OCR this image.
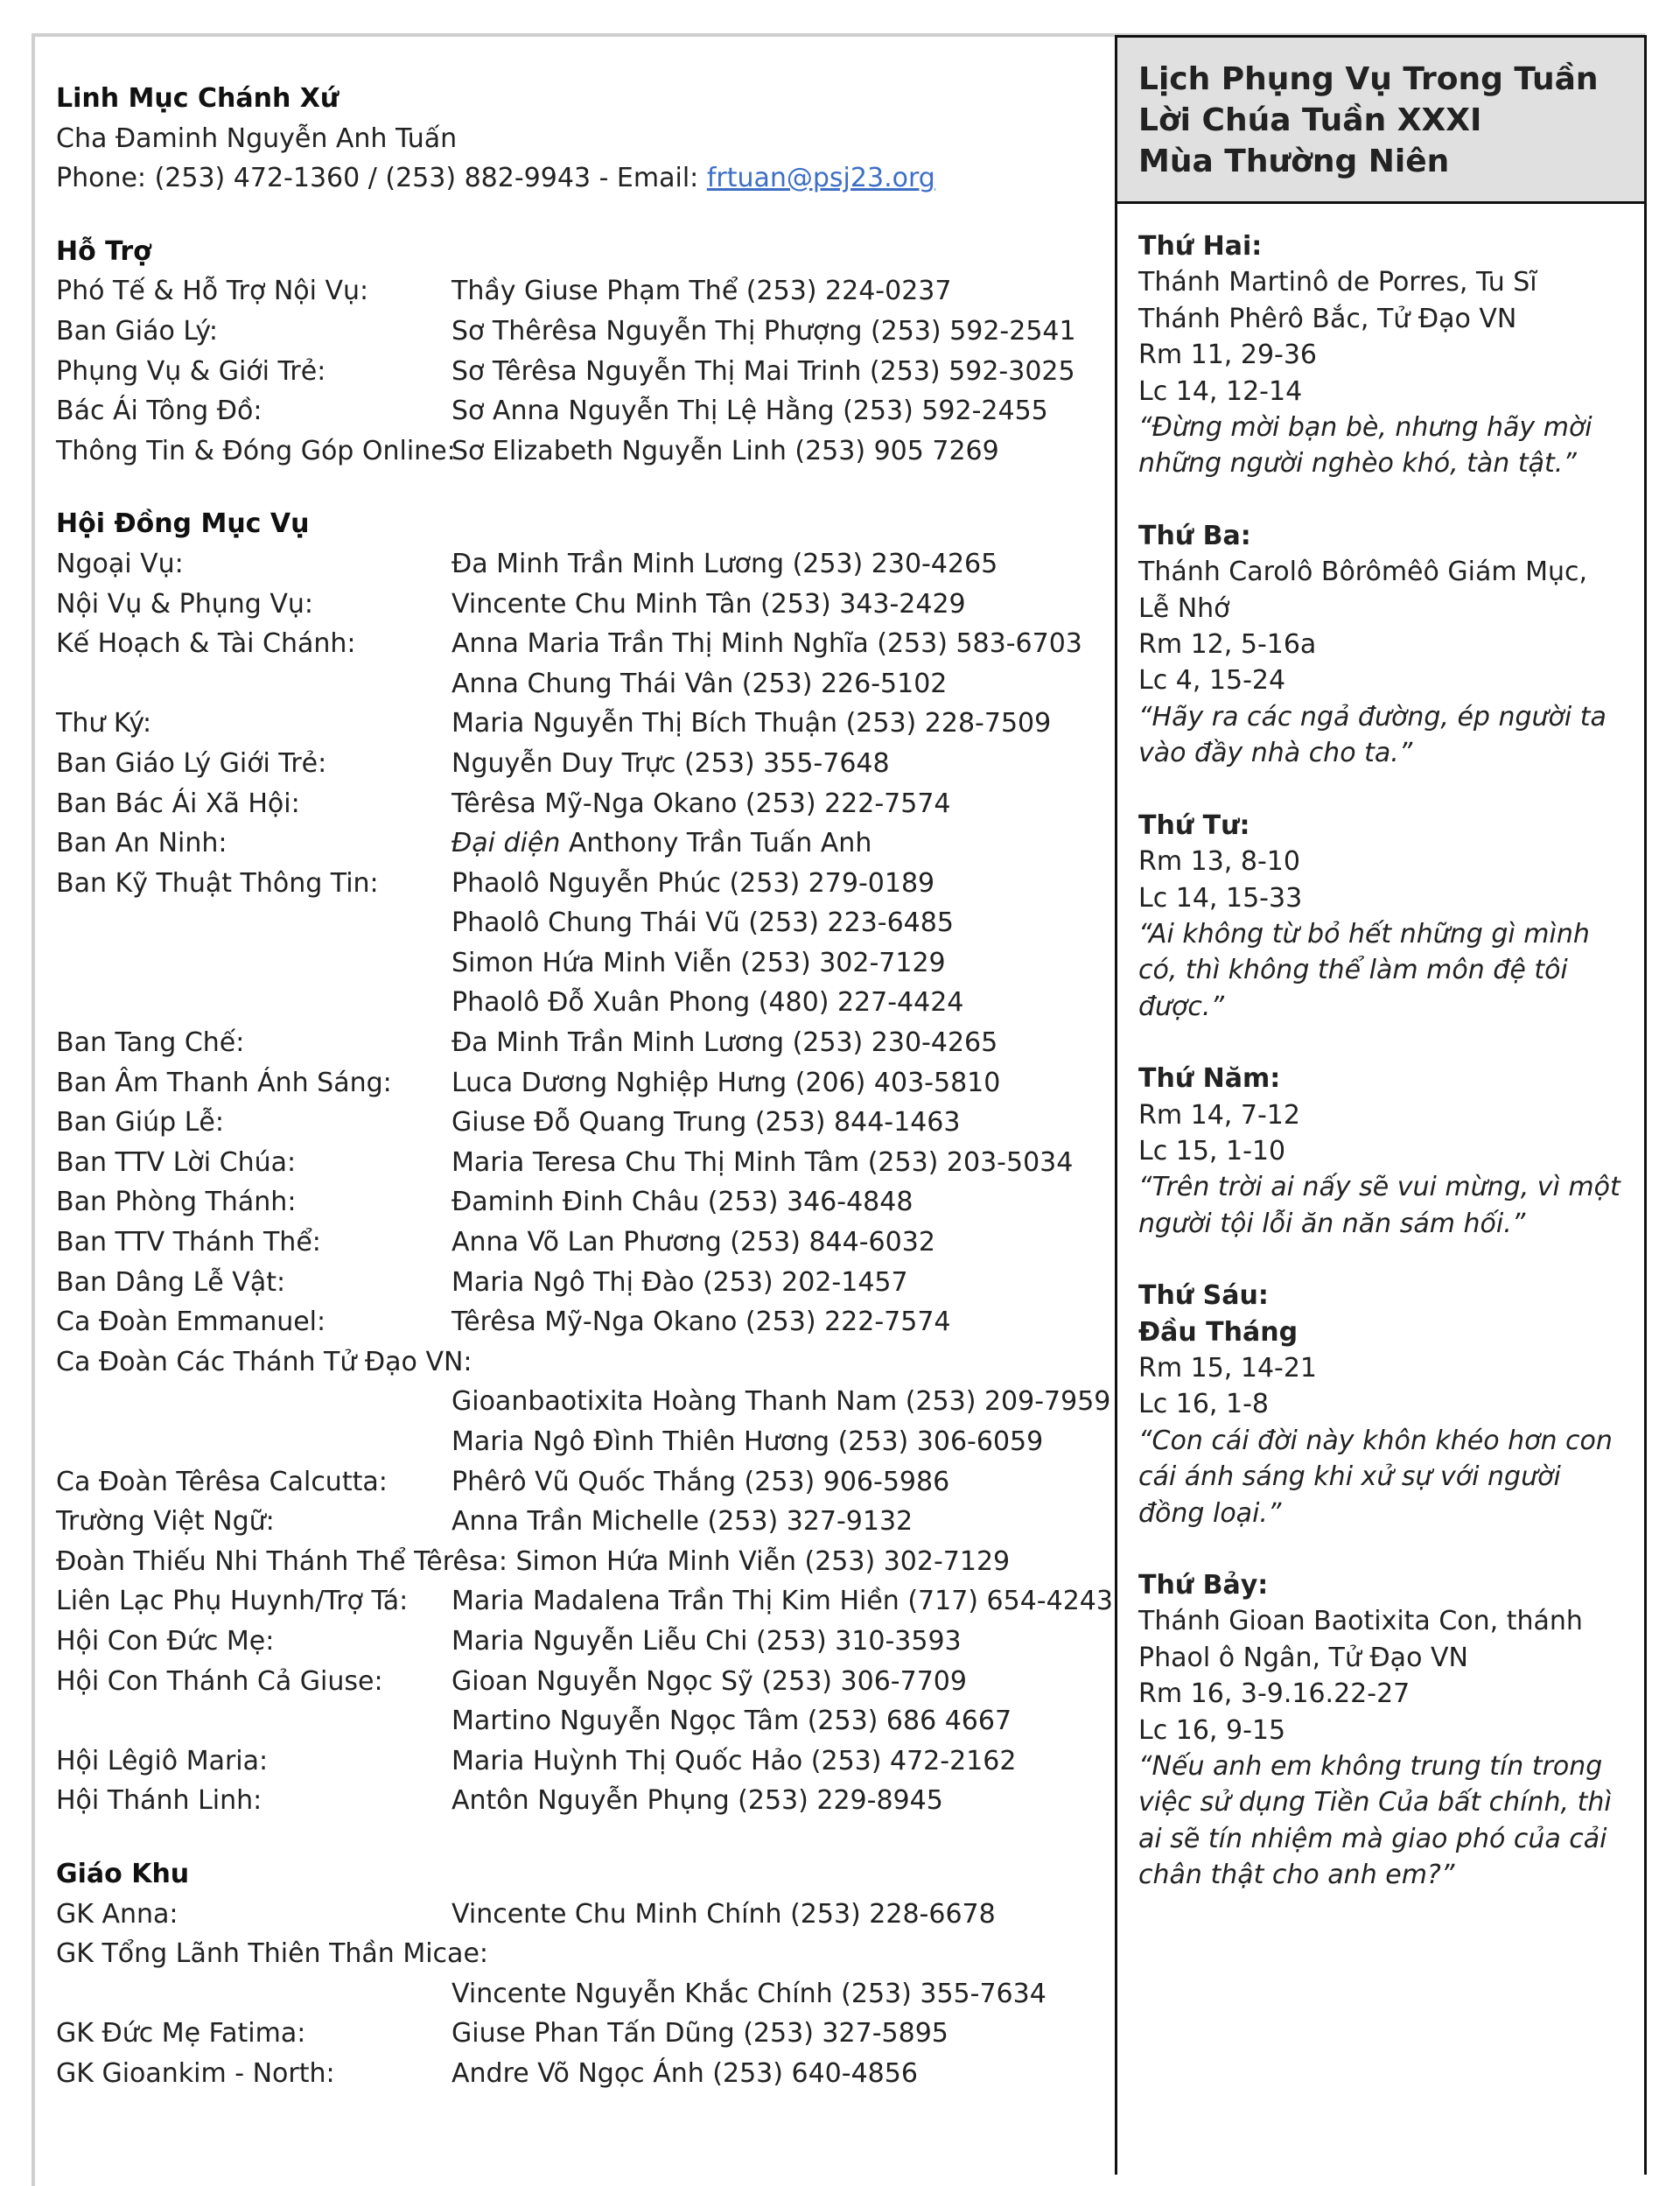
Linh Mục Chánh Xứ
Cha Đaminh Nguyễn Anh Tuấn
Phone: (253) 472-1360 / (253) 882-9943 - Email: frtuan@psj23.org
Hỗ Trợ
Phó Tế & Hỗ Trợ Nội Vụ:	Thầy Giuse Phạm Thể (253) 224-0237
Ban Giáo Lý:	Sơ Thêrêsa Nguyễn Thị Phượng (253) 592-2541
Phụng Vụ & Giới Trẻ:	Sơ Têrêsa Nguyễn Thị Mai Trinh (253) 592-3025
Bác Ái Tông Đồ:	Sơ Anna Nguyễn Thị Lệ Hằng (253) 592-2455
Thông Tin & Đóng Góp Online:
Sơ Elizabeth Nguyễn Linh (253) 905 7269
Hội Đồng Mục Vụ
Ngoại Vụ:	Đa Minh Trần Minh Lương (253) 230-4265
Nội Vụ & Phụng Vụ:	Vincente Chu Minh Tân (253) 343-2429
Kế Hoạch & Tài Chánh:	Anna Maria Trần Thị Minh Nghĩa (253) 583-6703
Anna Chung Thái Vân (253) 226-5102
Thư Ký:	Maria Nguyễn Thị Bích Thuận (253) 228-7509
Ban Giáo Lý Giới Trẻ:	Nguyễn Duy Trực (253) 355-7648
Ban Bác Ái Xã Hội:	Têrêsa Mỹ-Nga Okano (253) 222-7574
Ban An Ninh:	Đại diện Anthony Trần Tuấn Anh
Ban Kỹ Thuật Thông Tin:	Phaolô Nguyễn Phúc (253) 279-0189
Phaolô Chung Thái Vũ (253) 223-6485
Simon Hứa Minh Viễn (253) 302-7129
Phaolô Đỗ Xuân Phong (480) 227-4424
Ban Tang Chế:	Đa Minh Trần Minh Lương (253) 230-4265
Ban Âm Thanh Ánh Sáng:	Luca Dương Nghiệp Hưng (206) 403-5810
Ban Giúp Lễ:	Giuse Đỗ Quang Trung (253) 844-1463
Ban TTV Lời Chúa:	Maria Teresa Chu Thị Minh Tâm (253) 203-5034
Ban Phòng Thánh:	Đaminh Đinh Châu (253) 346-4848
Ban TTV Thánh Thể:	Anna Võ Lan Phương (253) 844-6032
Ban Dâng Lễ Vật:	Maria Ngô Thị Đào (253) 202-1457
Ca Đoàn Emmanuel:	Têrêsa Mỹ-Nga Okano (253) 222-7574
Ca Đoàn Các Thánh Tử Đạo VN:
Gioanbaotixita Hoàng Thanh Nam (253) 209-7959
Maria Ngô Đình Thiên Hương (253) 306-6059
Ca Đoàn Têrêsa Calcutta:	Phêrô Vũ Quốc Thắng (253) 906-5986
Trường Việt Ngữ:	Anna Trần Michelle (253) 327-9132
Đoàn Thiếu Nhi Thánh Thể Têrêsa: Simon Hứa Minh Viễn (253) 302-7129
Liên Lạc Phụ Huynh/Trợ Tá:	Maria Madalena Trần Thị Kim Hiền (717) 654-4243
Hội Con Đức Mẹ:	Maria Nguyễn Liễu Chi (253) 310-3593
Hội Con Thánh Cả Giuse:	Gioan Nguyễn Ngọc Sỹ (253) 306-7709
Martino Nguyễn Ngọc Tâm (253) 686 4667
Hội Lêgiô Maria:	Maria Huỳnh Thị Quốc Hảo (253) 472-2162
Hội Thánh Linh:	Antôn Nguyễn Phụng (253) 229-8945
Giáo Khu
GK Anna:	Vincente Chu Minh Chính (253) 228-6678
GK Tổng Lãnh Thiên Thần Micae:
Vincente Nguyễn Khắc Chính (253) 355-7634
GK Đức Mẹ Fatima:	Giuse Phan Tấn Dũng (253) 327-5895
GK Gioankim - North:	Andre Võ Ngọc Ánh (253) 640-4856
Lịch Phụng Vụ Trong Tuần
Lời Chúa Tuần XXXI
Mùa Thường Niên
Thứ Hai:
Thánh Martinô de Porres, Tu Sĩ
Thánh Phêrô Bắc, Tử Đạo VN
Rm 11, 29-36
Lc 14, 12-14
“Đừng mời bạn bè, nhưng hãy mời những người nghèo khó, tàn tật.”
Thứ Ba:
Thánh Carolô Bôrômêô Giám Mục, Lễ Nhớ
Rm 12, 5-16a
Lc 4, 15-24
“Hãy ra các ngả đường, ép người ta vào đầy nhà cho ta.”
Thứ Tư:
Rm 13, 8-10
Lc 14, 15-33
“Ai không từ bỏ hết những gì mình có, thì không thể làm môn đệ tôi được.”
Thứ Năm:
Rm 14, 7-12
Lc 15, 1-10
“Trên trời ai nấy sẽ vui mừng, vì một người tội lỗi ăn năn sám hối.”
Thứ Sáu:
Đầu Tháng
Rm 15, 14-21
Lc 16, 1-8
“Con cái đời này khôn khéo hơn con cái ánh sáng khi xử sự với người đồng loại.”
Thứ Bảy:
Thánh Gioan Baotixita Con, thánh Phaol ô Ngân, Tử Đạo VN
Rm 16, 3-9.16.22-27
Lc 16, 9-15
“Nếu anh em không trung tín trong việc sử dụng Tiền Của bất chính, thì ai sẽ tín nhiệm mà giao phó của cải chân thật cho anh em?”
